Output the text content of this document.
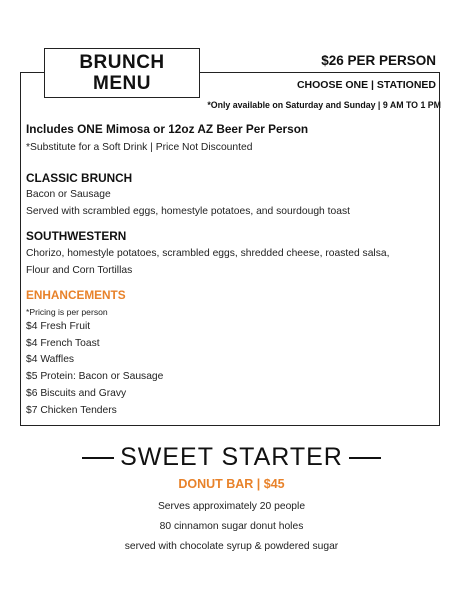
BRUNCH
MENU
$26 PER PERSON
CHOOSE ONE | STATIONED
*Only available on Saturday and Sunday | 9 AM TO 1 PM
Includes ONE Mimosa or 12oz AZ Beer Per Person
*Substitute for a Soft Drink | Price Not Discounted
CLASSIC BRUNCH
Bacon or Sausage
Served with scrambled eggs, homestyle potatoes, and sourdough toast
SOUTHWESTERN
Chorizo, homestyle potatoes, scrambled eggs, shredded cheese, roasted salsa,
Flour and Corn Tortillas
ENHANCEMENTS
*Pricing is per person
$4 Fresh Fruit
$4 French Toast
$4 Waffles
$5 Protein: Bacon or Sausage
$6 Biscuits and Gravy
$7 Chicken Tenders
SWEET STARTER
DONUT BAR | $45
Serves approximately 20 people
80 cinnamon sugar donut holes
served with chocolate syrup & powdered sugar
